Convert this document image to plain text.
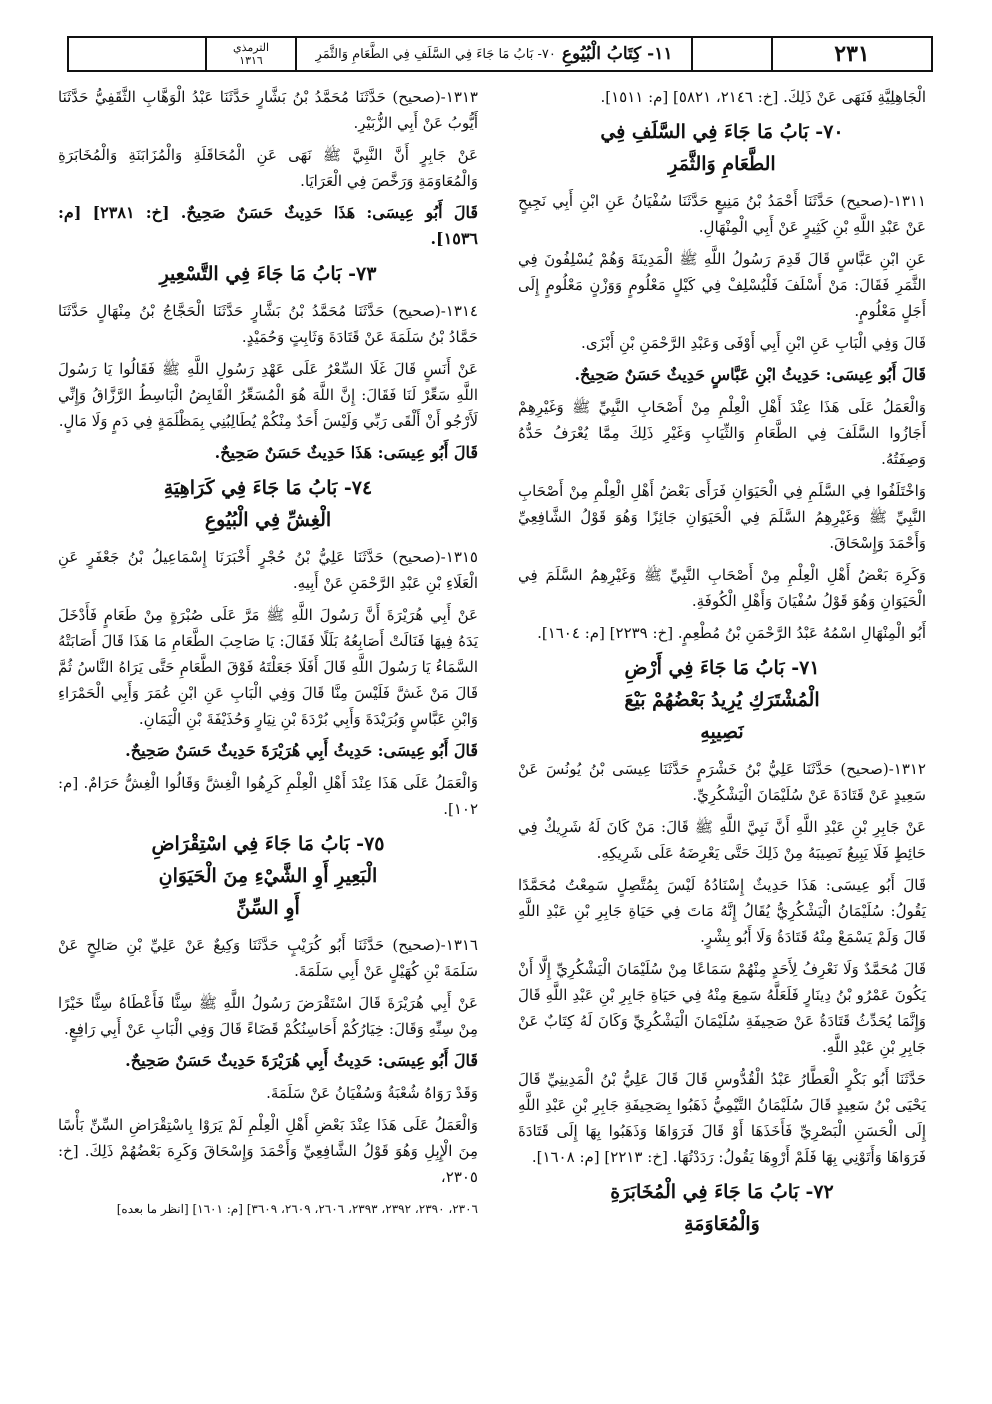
٢٣١
١١- كِتَابُ الْبُيُوعِ
٧٠- بَابُ مَا جَاءَ فِي السَّلَفِ فِي الطَّعَامِ وَالثَّمَرِ
الترمذي
١٣١٦

الْجَاهِلِيَّةِ فَنَهَى عَنْ ذَلِكَ. [خ: ٢١٤٦، ٥٨٢١] [م: ١٥١١].

٧٠- بَابُ مَا جَاءَ فِي السَّلَفِ فِي
الطَّعَامِ وَالثَّمَرِ

١٣١١-(صحيح) حَدَّثَنَا أَحْمَدُ بْنُ مَنِيعٍ حَدَّثَنَا سُفْيَانُ عَنِ ابْنِ أَبِي نَجِيحٍ عَنْ عَبْدِ اللَّهِ بْنِ كَثِيرٍ عَنْ أَبِي الْمِنْهَالِ.

عَنِ ابْنِ عَبَّاسٍ قَالَ قَدِمَ رَسُولُ اللَّهِ ﷺ الْمَدِينَةَ وَهُمْ يُسْلِفُونَ فِي الثَّمَرِ فَقَالَ: مَنْ أَسْلَفَ فَلْيُسْلِفْ فِي كَيْلٍ مَعْلُومٍ وَوَزْنٍ مَعْلُومٍ إِلَى أَجَلٍ مَعْلُومٍ.

قَالَ وَفِي الْبَابِ عَنِ ابْنِ أَبِي أَوْفَى وَعَبْدِ الرَّحْمَنِ بْنِ أَبْزَى.

قَالَ أَبُو عِيسَى: حَدِيثُ ابْنِ عَبَّاسٍ حَدِيثٌ حَسَنٌ صَحِيحٌ.

وَالْعَمَلُ عَلَى هَذَا عِنْدَ أَهْلِ الْعِلْمِ مِنْ أَصْحَابِ النَّبِيِّ ﷺ وَغَيْرِهِمْ أَجَازُوا السَّلَفَ فِي الطَّعَامِ وَالثِّيَابِ وَغَيْرِ ذَلِكَ مِمَّا يُعْرَفُ حَدُّهُ وَصِفَتُهُ.

وَاخْتَلَفُوا فِي السَّلَمِ فِي الْحَيَوَانِ فَرَأَى بَعْضُ أَهْلِ الْعِلْمِ مِنْ أَصْحَابِ النَّبِيِّ ﷺ وَغَيْرِهِمُ السَّلَمَ فِي الْحَيَوَانِ جَائِزًا وَهُوَ قَوْلُ الشَّافِعِيِّ وَأَحْمَدَ وَإِسْحَاقَ.

وَكَرِهَ بَعْضُ أَهْلِ الْعِلْمِ مِنْ أَصْحَابِ النَّبِيِّ ﷺ وَغَيْرِهِمُ السَّلَمَ فِي الْحَيَوَانِ وَهُوَ قَوْلُ سُفْيَانَ وَأَهْلِ الْكُوفَةِ.

أَبُو الْمِنْهَالِ اسْمُهُ عَبْدُ الرَّحْمَنِ بْنُ مُطْعِمٍ. [خ: ٢٢٣٩] [م: ١٦٠٤].

٧١- بَابُ مَا جَاءَ فِي أَرْضِ
الْمُشْتَرَكِ يُرِيدُ بَعْضُهُمْ بَيْعَ
نَصِيبِهِ

١٣١٢-(صحيح) حَدَّثَنَا عَلِيُّ بْنُ خَشْرَمٍ حَدَّثَنَا عِيسَى بْنُ يُونُسَ عَنْ سَعِيدٍ عَنْ قَتَادَةَ عَنْ سُلَيْمَانَ الْيَشْكُرِيِّ.

عَنْ جَابِرِ بْنِ عَبْدِ اللَّهِ أَنَّ نَبِيَّ اللَّهِ ﷺ قَالَ: مَنْ كَانَ لَهُ شَرِيكٌ فِي حَائِطٍ فَلَا يَبِيعُ نَصِيبَهُ مِنْ ذَلِكَ حَتَّى يَعْرِضَهُ عَلَى شَرِيكِهِ.

قَالَ أَبُو عِيسَى: هَذَا حَدِيثٌ إِسْنَادُهُ لَيْسَ بِمُتَّصِلٍ سَمِعْتُ مُحَمَّدًا يَقُولُ: سُلَيْمَانُ الْيَشْكُرِيُّ يُقَالُ إِنَّهُ مَاتَ فِي حَيَاةِ جَابِرِ بْنِ عَبْدِ اللَّهِ قَالَ وَلَمْ يَسْمَعْ مِنْهُ قَتَادَةُ وَلَا أَبُو بِشْرٍ.

قَالَ مُحَمَّدٌ وَلَا نَعْرِفُ لِأَحَدٍ مِنْهُمْ سَمَاعًا مِنْ سُلَيْمَانَ الْيَشْكُرِيِّ إِلَّا أَنْ يَكُونَ عَمْرُو بْنُ دِينَارٍ فَلَعَلَّهُ سَمِعَ مِنْهُ فِي حَيَاةِ جَابِرِ بْنِ عَبْدِ اللَّهِ قَالَ وَإِنَّمَا يُحَدِّثُ قَتَادَةُ عَنْ صَحِيفَةِ سُلَيْمَانَ الْيَشْكُرِيِّ وَكَانَ لَهُ كِتَابٌ عَنْ جَابِرِ بْنِ عَبْدِ اللَّهِ.

حَدَّثَنَا أَبُو بَكْرٍ الْعَطَّارُ عَبْدُ الْقُدُّوسِ قَالَ قَالَ عَلِيُّ بْنُ الْمَدِينِيِّ قَالَ يَحْيَى بْنُ سَعِيدٍ قَالَ سُلَيْمَانُ التَّيْمِيُّ ذَهَبُوا بِصَحِيفَةِ جَابِرِ بْنِ عَبْدِ اللَّهِ إِلَى الْحَسَنِ الْبَصْرِيِّ فَأَخَذَهَا أَوْ قَالَ فَرَوَاهَا وَذَهَبُوا بِهَا إِلَى قَتَادَةَ فَرَوَاهَا وَأَتَوْنِي بِهَا فَلَمْ أَرْوِهَا يَقُولُ: رَدَدْتُهَا. [خ: ٢٢١٣] [م: ١٦٠٨].

٧٢- بَابُ مَا جَاءَ فِي الْمُخَابَرَةِ
وَالْمُعَاوَمَةِ

١٣١٣-(صحيح) حَدَّثَنَا مُحَمَّدُ بْنُ بَشَّارٍ حَدَّثَنَا عَبْدُ الْوَهَّابِ الثَّقَفِيُّ حَدَّثَنَا أَيُّوبُ عَنْ أَبِي الزُّبَيْرِ.

عَنْ جَابِرٍ أَنَّ النَّبِيَّ ﷺ نَهَى عَنِ الْمُحَاقَلَةِ وَالْمُزَابَنَةِ وَالْمُخَابَرَةِ وَالْمُعَاوَمَةِ وَرَخَّصَ فِي الْعَرَايَا.

قَالَ أَبُو عِيسَى: هَذَا حَدِيثٌ حَسَنٌ صَحِيحٌ. [خ: ٢٣٨١] [م: ١٥٣٦].

٧٣- بَابُ مَا جَاءَ فِي التَّسْعِيرِ

١٣١٤-(صحيح) حَدَّثَنَا مُحَمَّدُ بْنُ بَشَّارٍ حَدَّثَنَا الْحَجَّاجُ بْنُ مِنْهَالٍ حَدَّثَنَا حَمَّادُ بْنُ سَلَمَةَ عَنْ قَتَادَةَ وَثَابِتٍ وَحُمَيْدٍ.

عَنْ أَنَسٍ قَالَ غَلَا السِّعْرُ عَلَى عَهْدِ رَسُولِ اللَّهِ ﷺ فَقَالُوا يَا رَسُولَ اللَّهِ سَعِّرْ لَنَا فَقَالَ: إِنَّ اللَّهَ هُوَ الْمُسَعِّرُ الْقَابِضُ الْبَاسِطُ الرَّزَّاقُ وَإِنِّي لَأَرْجُو أَنْ أَلْقَى رَبِّي وَلَيْسَ أَحَدٌ مِنْكُمْ يُطَالِبُنِي بِمَظْلَمَةٍ فِي دَمٍ وَلَا مَالٍ.

قَالَ أَبُو عِيسَى: هَذَا حَدِيثٌ حَسَنٌ صَحِيحٌ.

٧٤- بَابُ مَا جَاءَ فِي كَرَاهِيَةِ
الْغِشِّ فِي الْبُيُوعِ

١٣١٥-(صحيح) حَدَّثَنَا عَلِيُّ بْنُ حُجْرٍ أَخْبَرَنَا إِسْمَاعِيلُ بْنُ جَعْفَرٍ عَنِ الْعَلَاءِ بْنِ عَبْدِ الرَّحْمَنِ عَنْ أَبِيهِ.

عَنْ أَبِي هُرَيْرَةَ أَنَّ رَسُولَ اللَّهِ ﷺ مَرَّ عَلَى صُبْرَةٍ مِنْ طَعَامٍ فَأَدْخَلَ يَدَهُ فِيهَا فَنَالَتْ أَصَابِعُهُ بَلَلًا فَقَالَ: يَا صَاحِبَ الطَّعَامِ مَا هَذَا قَالَ أَصَابَتْهُ السَّمَاءُ يَا رَسُولَ اللَّهِ قَالَ أَفَلَا جَعَلْتَهُ فَوْقَ الطَّعَامِ حَتَّى يَرَاهُ النَّاسُ ثُمَّ قَالَ مَنْ غَشَّ فَلَيْسَ مِنَّا قَالَ وَفِي الْبَابِ عَنِ ابْنِ عُمَرَ وَأَبِي الْحَمْرَاءِ وَابْنِ عَبَّاسٍ وَبُرَيْدَةَ وَأَبِي بُرْدَةَ بْنِ نِيَارٍ وَحُذَيْفَةَ بْنِ الْيَمَانِ.

قَالَ أَبُو عِيسَى: حَدِيثُ أَبِي هُرَيْرَةَ حَدِيثٌ حَسَنٌ صَحِيحٌ.

وَالْعَمَلُ عَلَى هَذَا عِنْدَ أَهْلِ الْعِلْمِ كَرِهُوا الْغِشَّ وَقَالُوا الْغِشُّ حَرَامٌ. [م: ١٠٢].

٧٥- بَابُ مَا جَاءَ فِي اسْتِقْرَاضِ
الْبَعِيرِ أَوِ الشَّيْءِ مِنَ الْحَيَوَانِ
أَوِ السِّنِّ

١٣١٦-(صحيح) حَدَّثَنَا أَبُو كُرَيْبٍ حَدَّثَنَا وَكِيعٌ عَنْ عَلِيِّ بْنِ صَالِحٍ عَنْ سَلَمَةَ بْنِ كُهَيْلٍ عَنْ أَبِي سَلَمَةَ.

عَنْ أَبِي هُرَيْرَةَ قَالَ اسْتَقْرَضَ رَسُولُ اللَّهِ ﷺ سِنًّا فَأَعْطَاهُ سِنًّا خَيْرًا مِنْ سِنِّهِ وَقَالَ: خِيَارُكُمْ أَحَاسِنُكُمْ قَضَاءً قَالَ وَفِي الْبَابِ عَنْ أَبِي رَافِعٍ.

قَالَ أَبُو عِيسَى: حَدِيثُ أَبِي هُرَيْرَةَ حَدِيثٌ حَسَنٌ صَحِيحٌ.

وَقَدْ رَوَاهُ شُعْبَةُ وَسُفْيَانُ عَنْ سَلَمَةَ.

وَالْعَمَلُ عَلَى هَذَا عِنْدَ بَعْضِ أَهْلِ الْعِلْمِ لَمْ يَرَوْا بِاسْتِقْرَاضِ السِّنِّ بَأْسًا مِنَ الْإِبِلِ وَهُوَ قَوْلُ الشَّافِعِيِّ وَأَحْمَدَ وَإِسْحَاقَ وَكَرِهَ بَعْضُهُمْ ذَلِكَ. [خ: ٢٣٠٥،

٢٣٠٦، ٢٣٩٠، ٢٣٩٢، ٢٣٩٣، ٢٦٠٦، ٢٦٠٩، ٣٦٠٩] [م: ١٦٠١] [انظر ما بعده]
